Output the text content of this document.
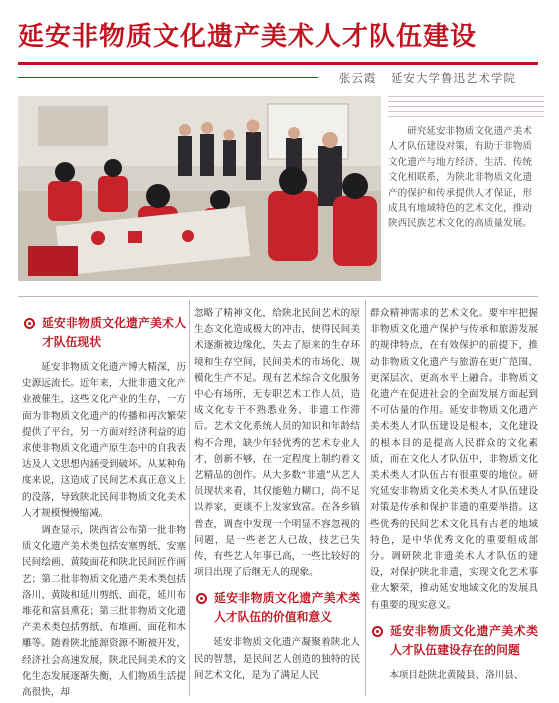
延安非物质文化遗产美术人才队伍建设
张云霞 延安大学鲁迅艺术学院
研究延安非物质文化遗产美术人才队伍建设对策，有助于非物质文化遗产与地方经济、生活、传统文化相联系，为陕北非物质文化遗产的保护和传承提供人才保证，形成具有地域特色的艺术文化，推动陕西民族艺术文化的高质量发展。
延安非物质文化遗产美术人才队伍现状

延安非物质文化遗产博大精深，历史源远流长。近年来，大批非遗文化产业被催生，这些文化产业的生存，一方面为非物质文化遗产的传播和再次繁荣提供了平台，另一方面对经济利益的追求使非物质文化遗产原生态中的自我表达及人文思想内涵受到破坏。从某种角度来说，这造成了民间艺术真正意义上的没落，导致陕北民间非物质文化美术人才规模慢慢缩减。

调查显示，陕西省公布第一批非物质文化遗产美术类包括安塞剪纸、安塞民间绘画、黄陵面花和陕北民间匠作画艺；第二批非物质文化遗产美术类包括洛川、黄陵和延川剪纸、面花，延川布堆花和富县熏花；第三批非物质文化遗产美术类包括剪纸、布堆画、面花和木雕等。随着陕北能源资源不断被开发，经济社会高速发展，陕北民间美术的文化生态发展逐渐失衡，人们物质生活提高很快，却

忽略了精神文化，给陕北民间艺术的原生态文化造成极大的冲击，使得民间美术逐渐被边缘化，失去了原来的生存环境和生存空间，民间美术的市场化、规模化生产不足。现有艺术综合文化服务中心有场所，无专职艺术工作人员，造成文化专干不熟悉业务、非遗工作滞后。艺术文化系统人员的知识和年龄结构不合理，缺少年轻优秀的艺术专业人才，创新不够，在一定程度上制约着文艺精品的创作。从大多数“非遗”从艺人员现状来看，其仅能勉力糊口，尚不足以养家，更谈不上发家致富。在各乡镇普查，调查中发现一个明显不容忽视的问题，是一些老艺人已故，技艺已失传，有些艺人年事已高，一些比较好的项目出现了后继无人的现象。

延安非物质文化遗产美术类人才队伍的价值和意义

延安非物质文化遗产凝聚着陕北人民的智慧，是民间艺人创造的独特的民间艺术文化，是为了满足人民

群众精神需求的艺术文化。要牢牢把握非物质文化遗产保护与传承和旅游发展的规律特点，在有效保护的前提下，推动非物质文化遗产与旅游在更广范围、更深层次、更高水平上融合。非物质文化遗产在促进社会的全面发展方面起到不可估量的作用。延安非物质文化遗产美术类人才队伍建设是根本，文化建设的根本目的是提高人民群众的文化素质，而在文化人才队伍中，非物质文化美术类人才队伍占有很重要的地位。研究延安非物质文化美术类人才队伍建设对策是传承和保护非遗的重要举措。这些优秀的民间艺术文化具有古老的地域特色，是中华优秀文化的重要组成部分。调研陕北非遗美术人才队伍的建设，对保护陕北非遗，实现文化艺术事业大繁荣，推动延安地域文化的发展具有重要的现实意义。

延安非物质文化遗产美术类人才队伍建设存在的问题

本项目赴陕北黄陵县、洛川县、
